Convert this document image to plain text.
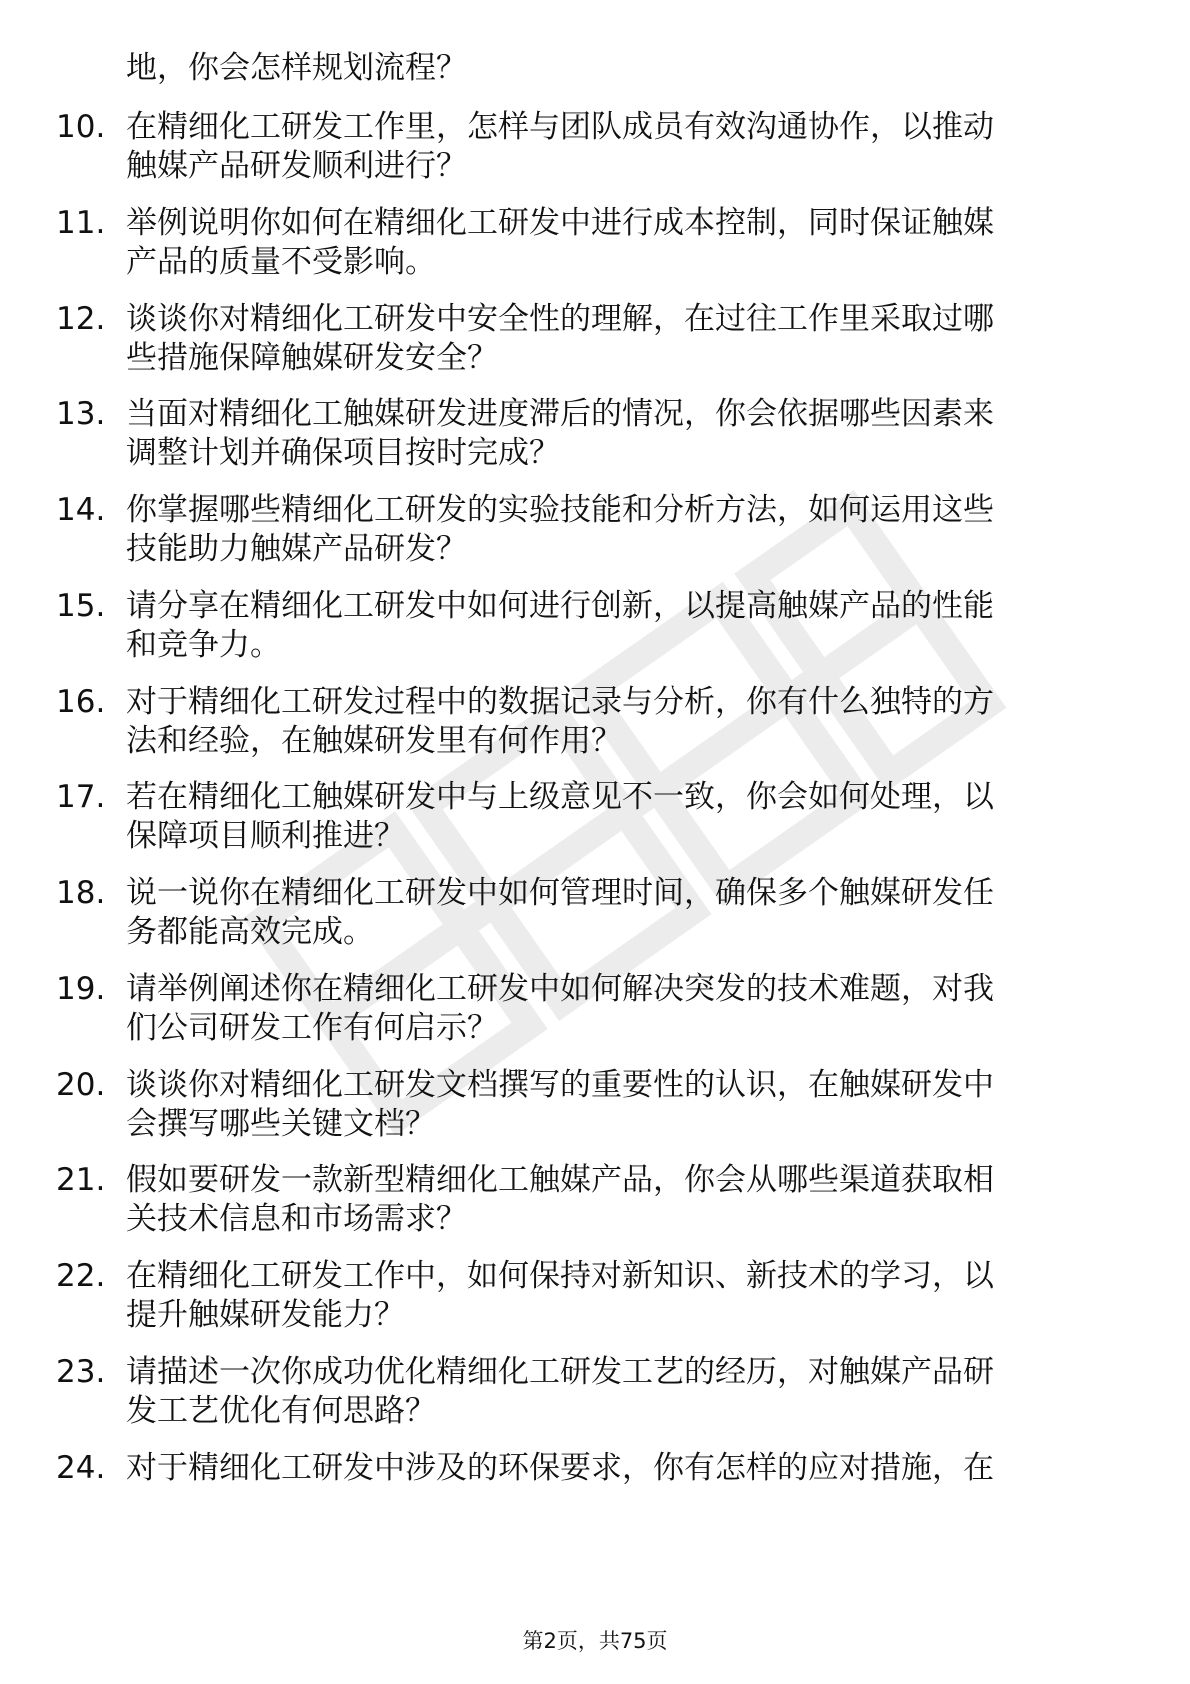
地，你会怎样规划流程？
10. 在精细化工研发工作里，怎样与团队成员有效沟通协作，以推动
触媒产品研发顺利进行？
11. 举例说明你如何在精细化工研发中进行成本控制，同时保证触媒
产品的质量不受影响。
12. 谈谈你对精细化工研发中安全性的理解，在过往工作里采取过哪
些措施保障触媒研发安全？
13. 当面对精细化工触媒研发进度滞后的情况，你会依据哪些因素来
调整计划并确保项目按时完成？
14. 你掌握哪些精细化工研发的实验技能和分析方法，如何运用这些
技能助力触媒产品研发？
15. 请分享在精细化工研发中如何进行创新，以提高触媒产品的性能
和竞争力。
16. 对于精细化工研发过程中的数据记录与分析，你有什么独特的方
法和经验，在触媒研发里有何作用？
17. 若在精细化工触媒研发中与上级意见不一致，你会如何处理，以
保障项目顺利推进？
18. 说一说你在精细化工研发中如何管理时间，确保多个触媒研发任
务都能高效完成。
19. 请举例阐述你在精细化工研发中如何解决突发的技术难题，对我
们公司研发工作有何启示？
20. 谈谈你对精细化工研发文档撰写的重要性的认识，在触媒研发中
会撰写哪些关键文档？
21. 假如要研发一款新型精细化工触媒产品，你会从哪些渠道获取相
关技术信息和市场需求？
22. 在精细化工研发工作中，如何保持对新知识、新技术的学习，以
提升触媒研发能力？
23. 请描述一次你成功优化精细化工研发工艺的经历，对触媒产品研
发工艺优化有何思路？
24. 对于精细化工研发中涉及的环保要求，你有怎样的应对措施，在
第2页，共75页
